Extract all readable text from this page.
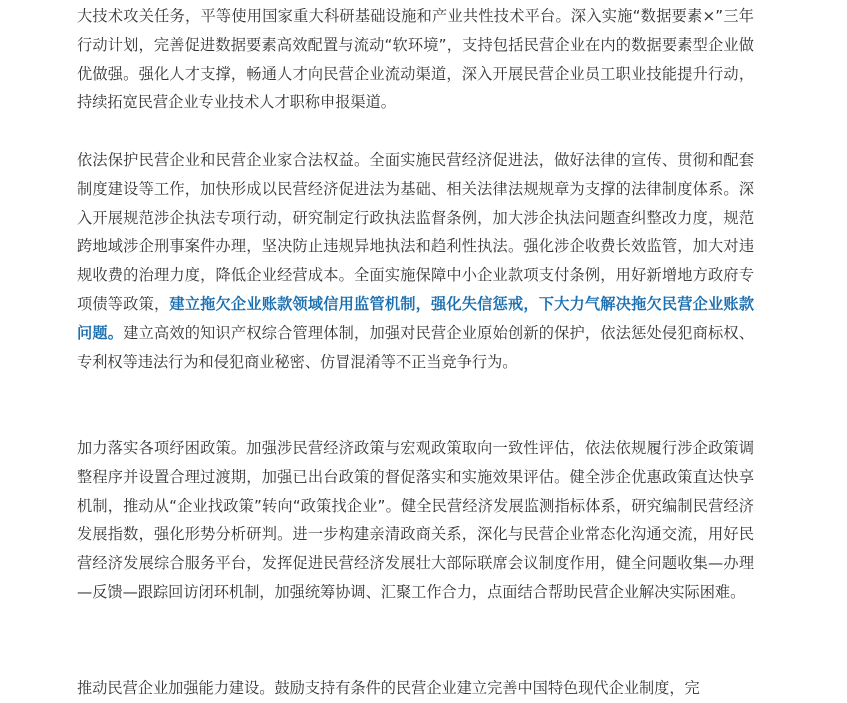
大技术攻关任务，平等使用国家重大科研基础设施和产业共性技术平台。深入实施“数据要素×”三年行动计划，完善促进数据要素高效配置与流动“软环境”，支持包括民营企业在内的数据要素型企业做优做强。强化人才支撑，畅通人才向民营企业流动渠道，深入开展民营企业员工职业技能提升行动，持续拓宽民营企业专业技术人才职称申报渠道。

依法保护民营企业和民营企业家合法权益。全面实施民营经济促进法，做好法律的宣传、贯彻和配套制度建设等工作，加快形成以民营经济促进法为基础、相关法律法规规章为支撑的法律制度体系。深入开展规范涉企执法专项行动，研究制定行政执法监督条例，加大涉企执法问题查纠整改力度，规范跨地域涉企刑事案件办理，坚决防止违规异地执法和趋利性执法。强化涉企收费长效监管，加大对违规收费的治理力度，降低企业经营成本。全面实施保障中小企业款项支付条例，用好新增地方政府专项债等政策，建立拖欠企业账款领域信用监管机制，强化失信惩戒，下大力气解决拖欠民营企业账款问题。建立高效的知识产权综合管理体制，加强对民营企业原始创新的保护，依法惩处侵犯商标权、专利权等违法行为和侵犯商业秘密、仿冒混淆等不正当竞争行为。

加力落实各项纾困政策。加强涉民营经济政策与宏观政策取向一致性评估，依法依规履行涉企政策调整程序并设置合理过渡期，加强已出台政策的督促落实和实施效果评估。健全涉企优惠政策直达快享机制，推动从“企业找政策”转向“政策找企业”。健全民营经济发展监测指标体系，研究编制民营经济发展指数，强化形势分析研判。进一步构建亲清政商关系，深化与民营企业常态化沟通交流，用好民营经济发展综合服务平台，发挥促进民营经济发展壮大部际联席会议制度作用，健全问题收集—办理—反馈—跟踪回访闭环机制，加强统筹协调、汇聚工作合力，点面结合帮助民营企业解决实际困难。

推动民营企业加强能力建设。鼓励支持有条件的民营企业建立完善中国特色现代企业制度，完
